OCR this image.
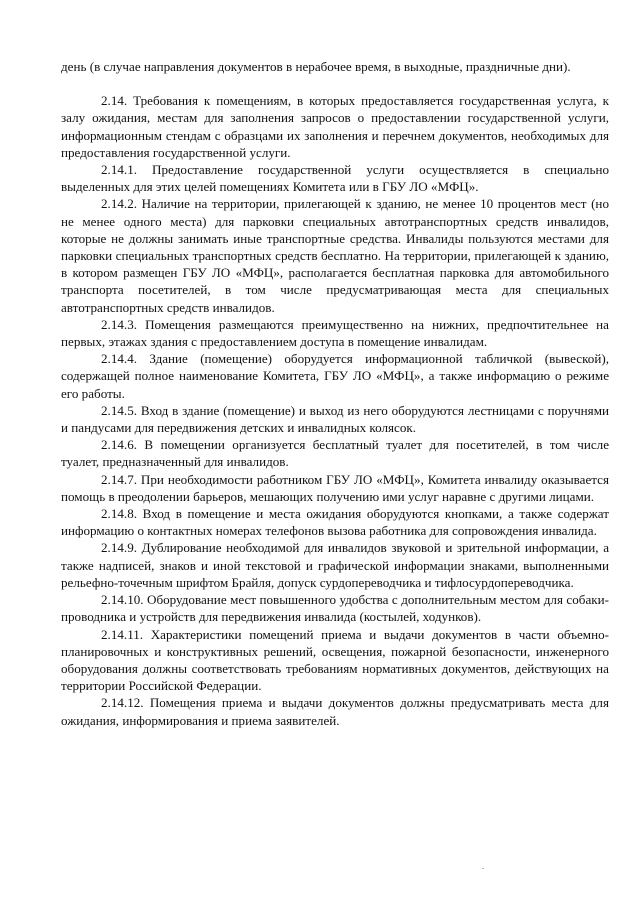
день (в случае направления документов в нерабочее время, в выходные, праздничные дни).

2.14. Требования к помещениям, в которых предоставляется государственная услуга, к залу ожидания, местам для заполнения запросов о предоставлении государственной услуги, информационным стендам с образцами их заполнения и перечнем документов, необходимых для предоставления государственной услуги.

2.14.1. Предоставление государственной услуги осуществляется в специально выделенных для этих целей помещениях Комитета или в ГБУ ЛО «МФЦ».

2.14.2. Наличие на территории, прилегающей к зданию, не менее 10 процентов мест (но не менее одного места) для парковки специальных автотранспортных средств инвалидов, которые не должны занимать иные транспортные средства. Инвалиды пользуются местами для парковки специальных транспортных средств бесплатно. На территории, прилегающей к зданию, в котором размещен ГБУ ЛО «МФЦ», располагается бесплатная парковка для автомобильного транспорта посетителей, в том числе предусматривающая места для специальных автотранспортных средств инвалидов.

2.14.3. Помещения размещаются преимущественно на нижних, предпочтительнее на первых, этажах здания с предоставлением доступа в помещение инвалидам.

2.14.4. Здание (помещение) оборудуется информационной табличкой (вывеской), содержащей полное наименование Комитета, ГБУ ЛО «МФЦ», а также информацию о режиме его работы.

2.14.5. Вход в здание (помещение) и выход из него оборудуются лестницами с поручнями и пандусами для передвижения детских и инвалидных колясок.

2.14.6. В помещении организуется бесплатный туалет для посетителей, в том числе туалет, предназначенный для инвалидов.

2.14.7. При необходимости работником ГБУ ЛО «МФЦ», Комитета инвалиду оказывается помощь в преодолении барьеров, мешающих получению ими услуг наравне с другими лицами.

2.14.8. Вход в помещение и места ожидания оборудуются кнопками, а также содержат информацию о контактных номерах телефонов вызова работника для сопровождения инвалида.

2.14.9. Дублирование необходимой для инвалидов звуковой и зрительной информации, а также надписей, знаков и иной текстовой и графической информации знаками, выполненными рельефно-точечным шрифтом Брайля, допуск сурдопереводчика и тифлосурдопереводчика.

2.14.10. Оборудование мест повышенного удобства с дополнительным местом для собаки-проводника и устройств для передвижения инвалида (костылей, ходунков).

2.14.11. Характеристики помещений приема и выдачи документов в части объемно-планировочных и конструктивных решений, освещения, пожарной безопасности, инженерного оборудования должны соответствовать требованиям нормативных документов, действующих на территории Российской Федерации.

2.14.12. Помещения приема и выдачи документов должны предусматривать места для ожидания, информирования и приема заявителей.
